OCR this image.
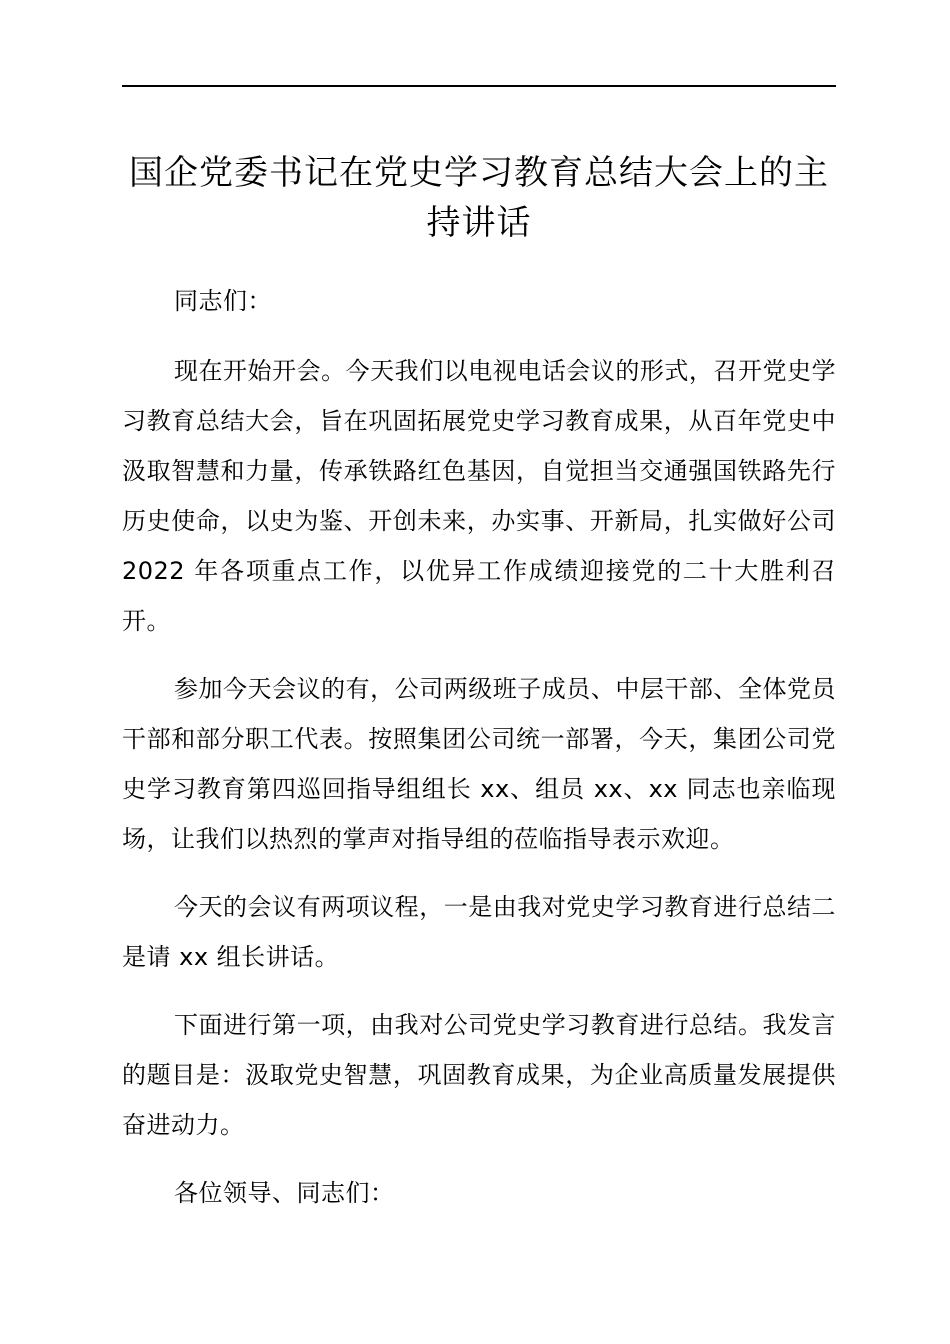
国企党委书记在党史学习教育总结大会上的主
持讲话

同志们：

现在开始开会。今天我们以电视电话会议的形式，召开党史学习教育总结大会，旨在巩固拓展党史学习教育成果，从百年党史中汲取智慧和力量，传承铁路红色基因，自觉担当交通强国铁路先行历史使命，以史为鉴、开创未来，办实事、开新局，扎实做好公司 2022 年各项重点工作，以优异工作成绩迎接党的二十大胜利召开。

参加今天会议的有，公司两级班子成员、中层干部、全体党员干部和部分职工代表。按照集团公司统一部署，今天，集团公司党史学习教育第四巡回指导组组长 xx、组员 xx、xx 同志也亲临现场，让我们以热烈的掌声对指导组的莅临指导表示欢迎。

今天的会议有两项议程，一是由我对党史学习教育进行总结二是请 xx 组长讲话。

下面进行第一项，由我对公司党史学习教育进行总结。我发言的题目是：汲取党史智慧，巩固教育成果，为企业高质量发展提供奋进动力。

各位领导、同志们：
